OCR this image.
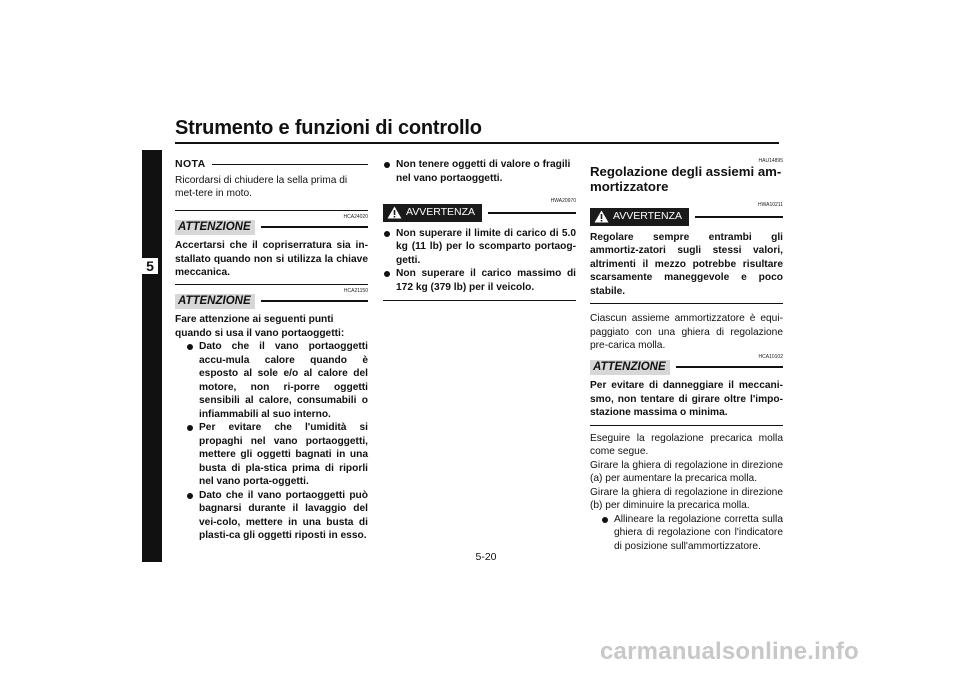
Strumento e funzioni di controllo
5
NOTA

Ricordarsi di chiudere la sella prima di met-tere in moto.

HCA24020

ATTENZIONE

Accertarsi che il copriserratura sia in-stallato quando non si utilizza la chiave meccanica.

HCA21150

ATTENZIONE

Fare attenzione ai seguenti punti quando si usa il vano portaoggetti:

Dato che il vano portaoggetti accu-mula calore quando è esposto al sole e/o al calore del motore, non ri-porre oggetti sensibili al calore, consumabili o infiammabili al suo interno.
Per evitare che l'umidità si propaghi nel vano portaoggetti, mettere gli oggetti bagnati in una busta di pla-stica prima di riporli nel vano porta-oggetti.
Dato che il vano portaoggetti può bagnarsi durante il lavaggio del vei-colo, mettere in una busta di plasti-ca gli oggetti riposti in esso.
Non tenere oggetti di valore o fragili nel vano portaoggetti.

HWA20970

AVVERTENZA
Non superare il limite di carico di 5.0 kg (11 lb) per lo scomparto portaog-getti.
Non superare il carico massimo di 172 kg (379 lb) per il veicolo.

HAU14895

Regolazione degli assiemi am-mortizzatore

HWA10211

AVVERTENZA

Regolare sempre entrambi gli ammortiz-zatori sugli stessi valori, altrimenti il mezzo potrebbe risultare scarsamente maneggevole e poco stabile.

Ciascun assieme ammortizzatore è equi-paggiato con una ghiera di regolazione pre-carica molla.

HCA10102

ATTENZIONE

Per evitare di danneggiare il meccani-smo, non tentare di girare oltre l'impo-stazione massima o minima.

Eseguire la regolazione precarica molla come segue.

Girare la ghiera di regolazione in direzione (a) per aumentare la precarica molla.

Girare la ghiera di regolazione in direzione (b) per diminuire la precarica molla.

Allineare la regolazione corretta sulla ghiera di regolazione con l'indicatore di posizione sull'ammortizzatore.
5-20
carmanualsonline.info
